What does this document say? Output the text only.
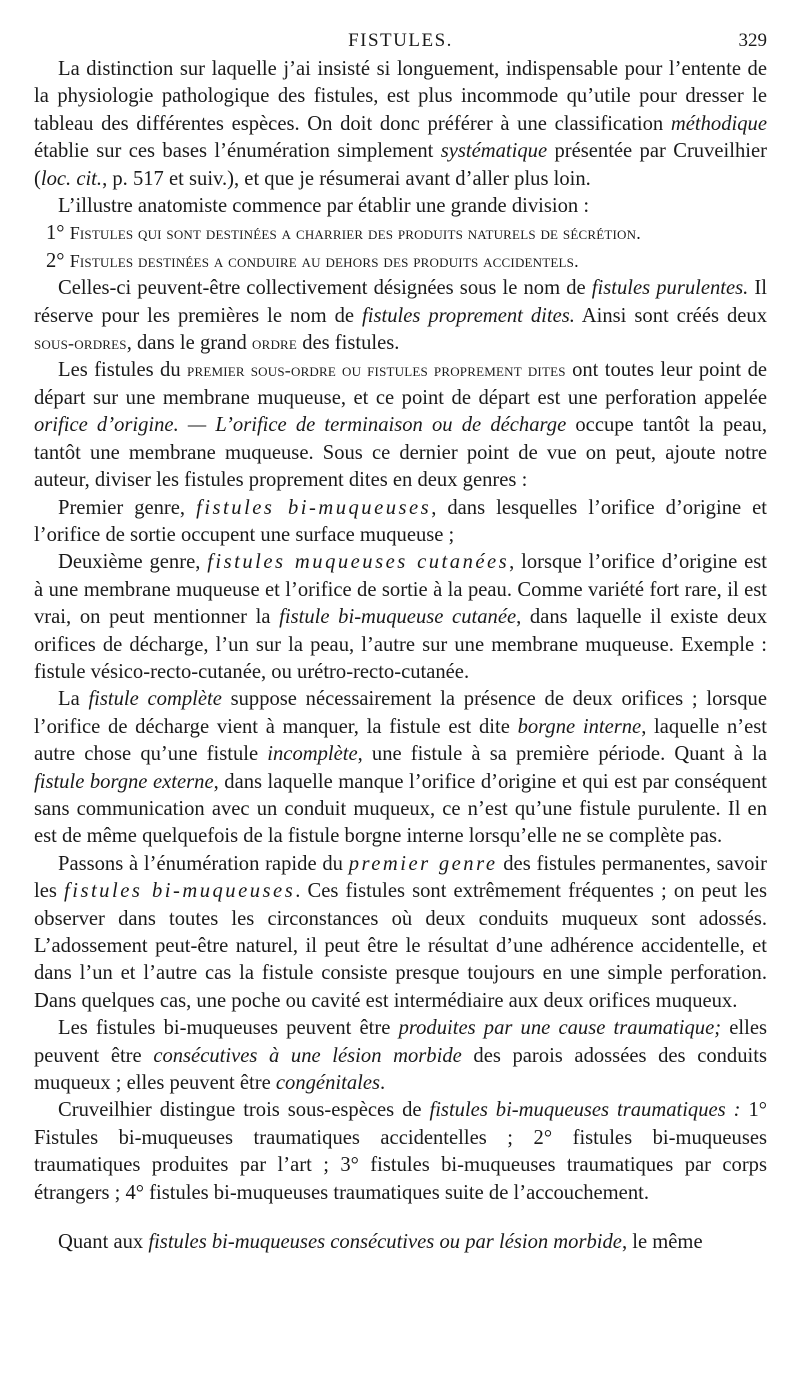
FISTULES.	329

La distinction sur laquelle j’ai insisté si longuement, indispensable pour l’entente de la physiologie pathologique des fistules, est plus incommode qu’utile pour dresser le tableau des différentes espèces. On doit donc préférer à une classification méthodique établie sur ces bases l’énumération simplement systématique présentée par Cruveilhier (loc. cit., p. 517 et suiv.), et que je résumerai avant d’aller plus loin.

L’illustre anatomiste commence par établir une grande division :

1° Fistules qui sont destinées a charrier des produits naturels de sécrétion.

2° Fistules destinées a conduire au dehors des produits accidentels.

Celles-ci peuvent-être collectivement désignées sous le nom de fistules purulentes. Il réserve pour les premières le nom de fistules proprement dites. Ainsi sont créés deux sous-ordres, dans le grand ordre des fistules.

Les fistules du premier sous-ordre ou fistules proprement dites ont toutes leur point de départ sur une membrane muqueuse, et ce point de départ est une perforation appelée orifice d’origine. — L’orifice de terminaison ou de décharge occupe tantôt la peau, tantôt une membrane muqueuse. Sous ce dernier point de vue on peut, ajoute notre auteur, diviser les fistules proprement dites en deux genres :

Premier genre, fistules bi-muqueuses, dans lesquelles l’orifice d’origine et l’orifice de sortie occupent une surface muqueuse ;

Deuxième genre, fistules muqueuses cutanées, lorsque l’orifice d’origine est à une membrane muqueuse et l’orifice de sortie à la peau. Comme variété fort rare, il est vrai, on peut mentionner la fistule bi-muqueuse cutanée, dans laquelle il existe deux orifices de décharge, l’un sur la peau, l’autre sur une membrane muqueuse. Exemple : fistule vésico-recto-cutanée, ou urétro-recto-cutanée.

La fistule complète suppose nécessairement la présence de deux orifices ; lorsque l’orifice de décharge vient à manquer, la fistule est dite borgne interne, laquelle n’est autre chose qu’une fistule incomplète, une fistule à sa première période. Quant à la fistule borgne externe, dans laquelle manque l’orifice d’origine et qui est par conséquent sans communication avec un conduit muqueux, ce n’est qu’une fistule purulente. Il en est de même quelquefois de la fistule borgne interne lorsqu’elle ne se complète pas.

Passons à l’énumération rapide du premier genre des fistules permanentes, savoir les fistules bi-muqueuses. Ces fistules sont extrêmement fréquentes ; on peut les observer dans toutes les circonstances où deux conduits muqueux sont adossés. L’adossement peut-être naturel, il peut être le résultat d’une adhérence accidentelle, et dans l’un et l’autre cas la fistule consiste presque toujours en une simple perforation. Dans quelques cas, une poche ou cavité est intermédiaire aux deux orifices muqueux.

Les fistules bi-muqueuses peuvent être produites par une cause traumatique; elles peuvent être consécutives à une lésion morbide des parois adossées des conduits muqueux ; elles peuvent être congénitales.

Cruveilhier distingue trois sous-espèces de fistules bi-muqueuses traumatiques : 1° Fistules bi-muqueuses traumatiques accidentelles ; 2° fistules bi-muqueuses traumatiques produites par l’art ; 3° fistules bi-muqueuses traumatiques par corps étrangers ; 4° fistules bi-muqueuses traumatiques suite de l’accouchement.

Quant aux fistules bi-muqueuses consécutives ou par lésion morbide, le même
